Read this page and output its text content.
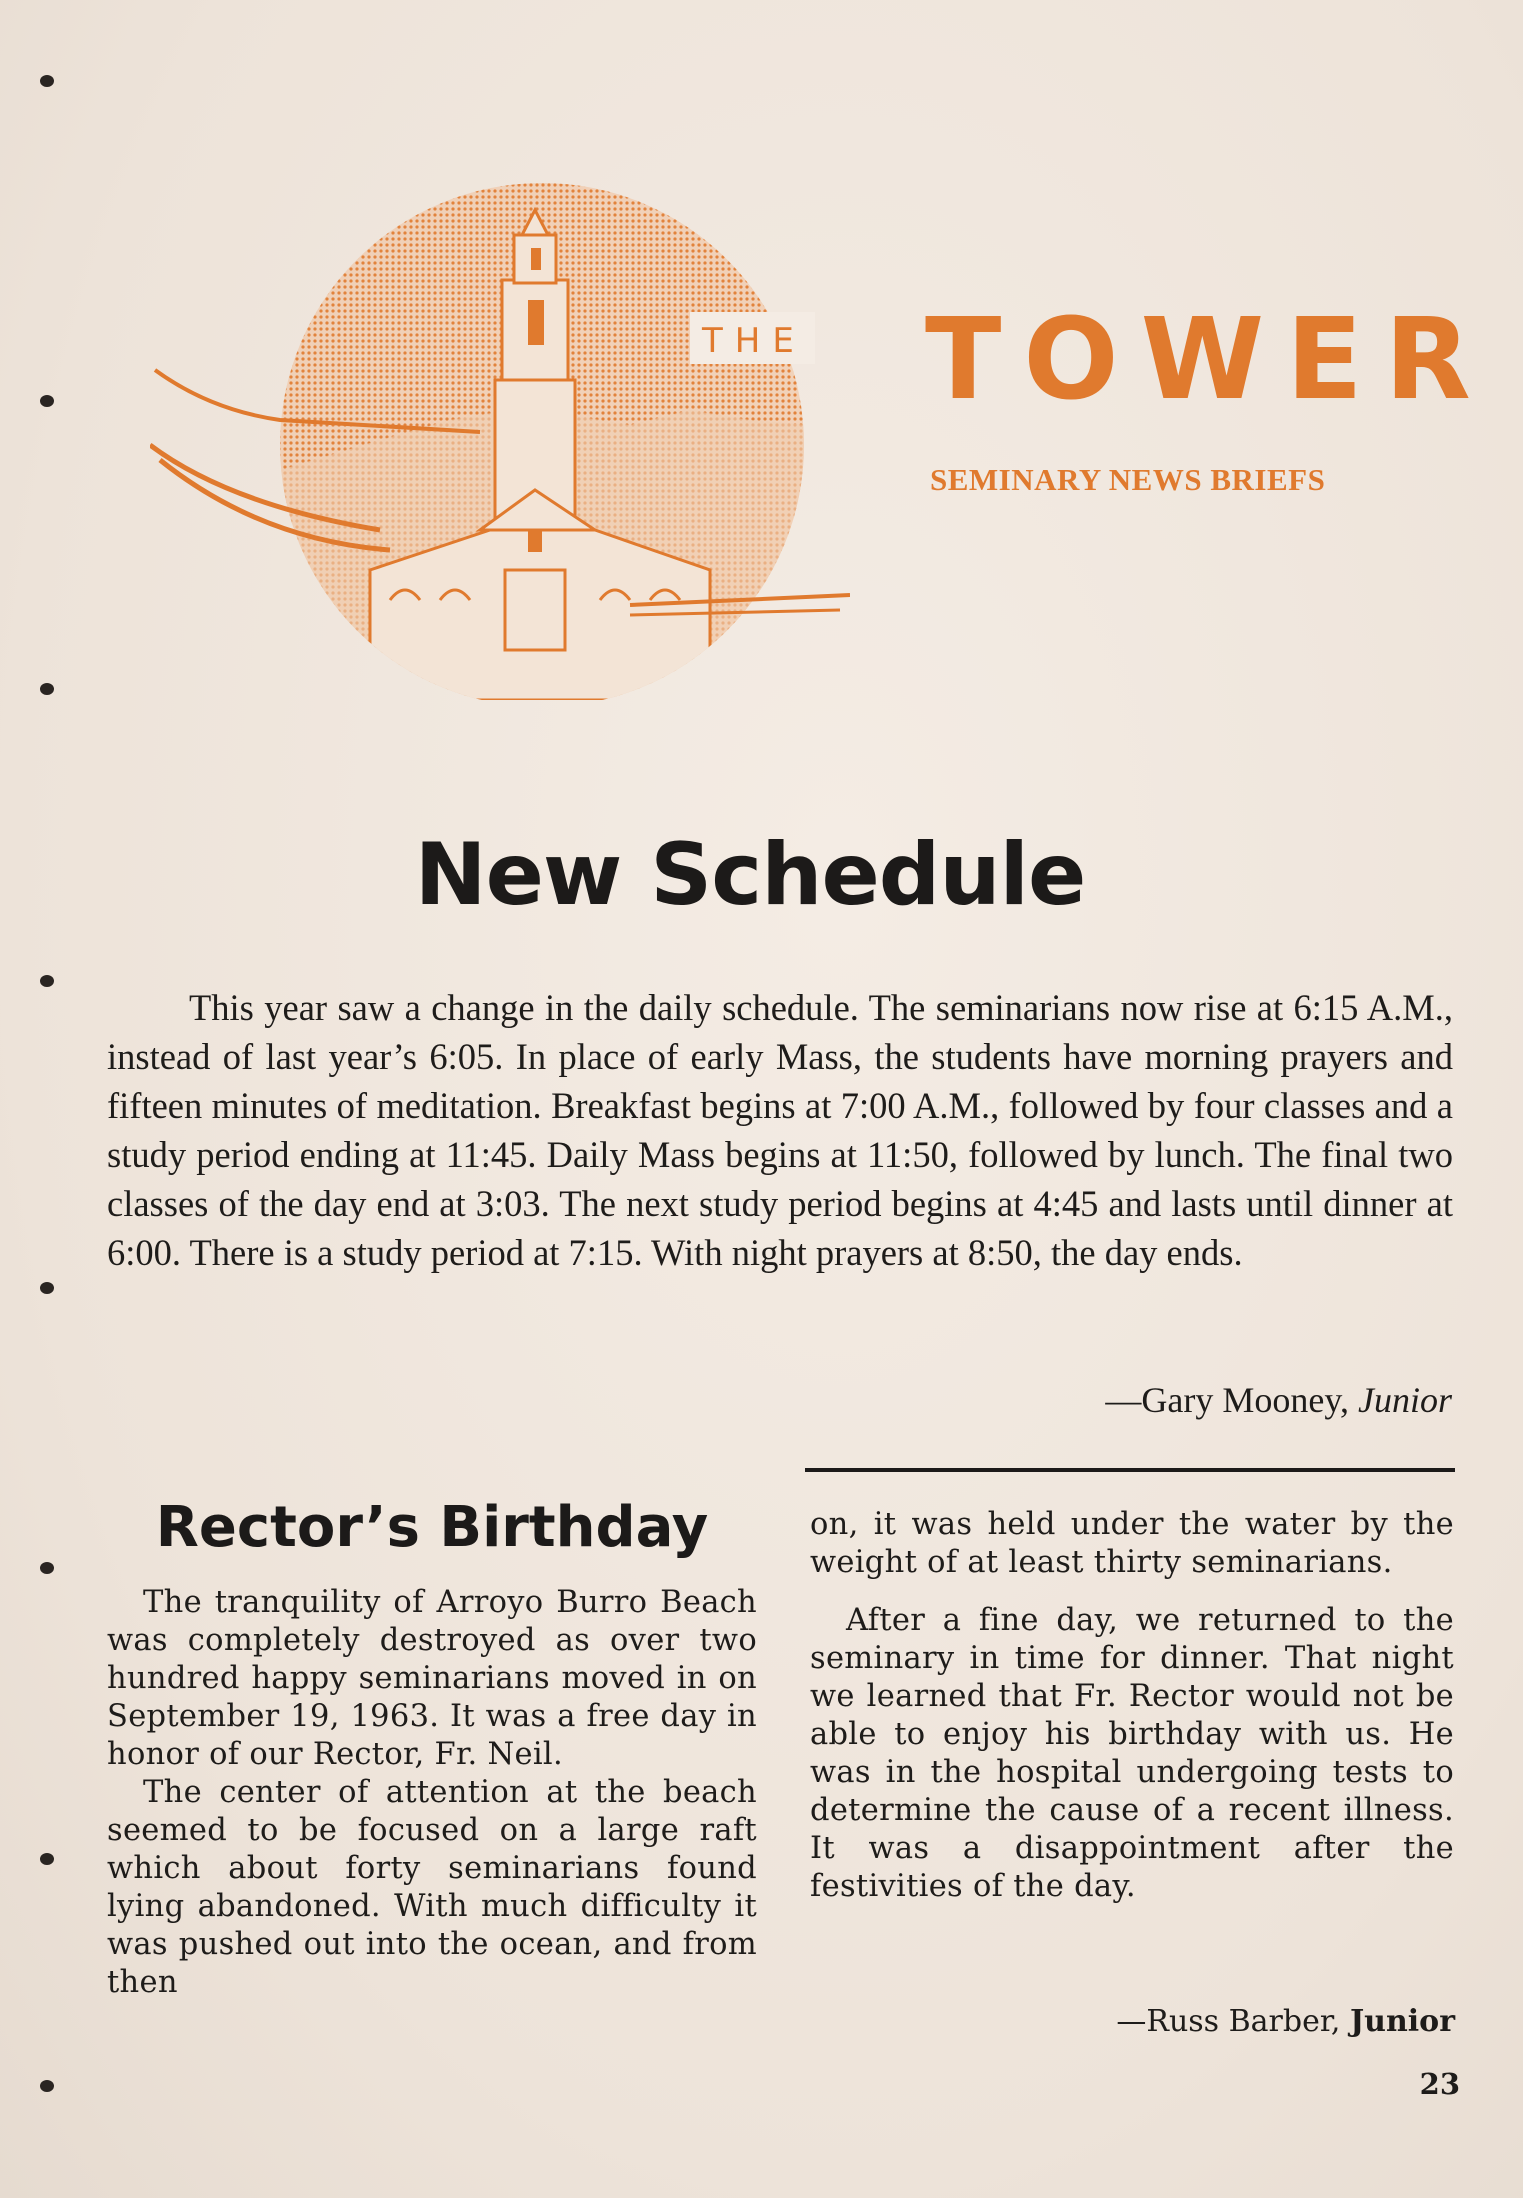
THE TOWER
SEMINARY NEWS BRIEFS
New Schedule

This year saw a change in the daily schedule. The seminarians now rise at 6:15 A.M., instead of last year’s 6:05. In place of early Mass, the students have morning prayers and fifteen minutes of meditation. Breakfast begins at 7:00 A.M., followed by four classes and a study period ending at 11:45. Daily Mass begins at 11:50, followed by lunch. The final two classes of the day end at 3:03. The next study period begins at 4:45 and lasts until dinner at 6:00. There is a study period at 7:15. With night prayers at 8:50, the day ends.

—Gary Mooney, Junior
Rector’s Birthday

The tranquility of Arroyo Burro Beach was completely destroyed as over two hundred happy seminarians moved in on September 19, 1963. It was a free day in honor of our Rector, Fr. Neil.

The center of attention at the beach seemed to be focused on a large raft which about forty seminarians found lying abandoned. With much difficulty it was pushed out into the ocean, and from then

on, it was held under the water by the weight of at least thirty seminarians.

After a fine day, we returned to the seminary in time for dinner. That night we learned that Fr. Rector would not be able to enjoy his birthday with us. He was in the hospital undergoing tests to determine the cause of a recent illness. It was a disappointment after the festivities of the day.

—Russ Barber, Junior
23
